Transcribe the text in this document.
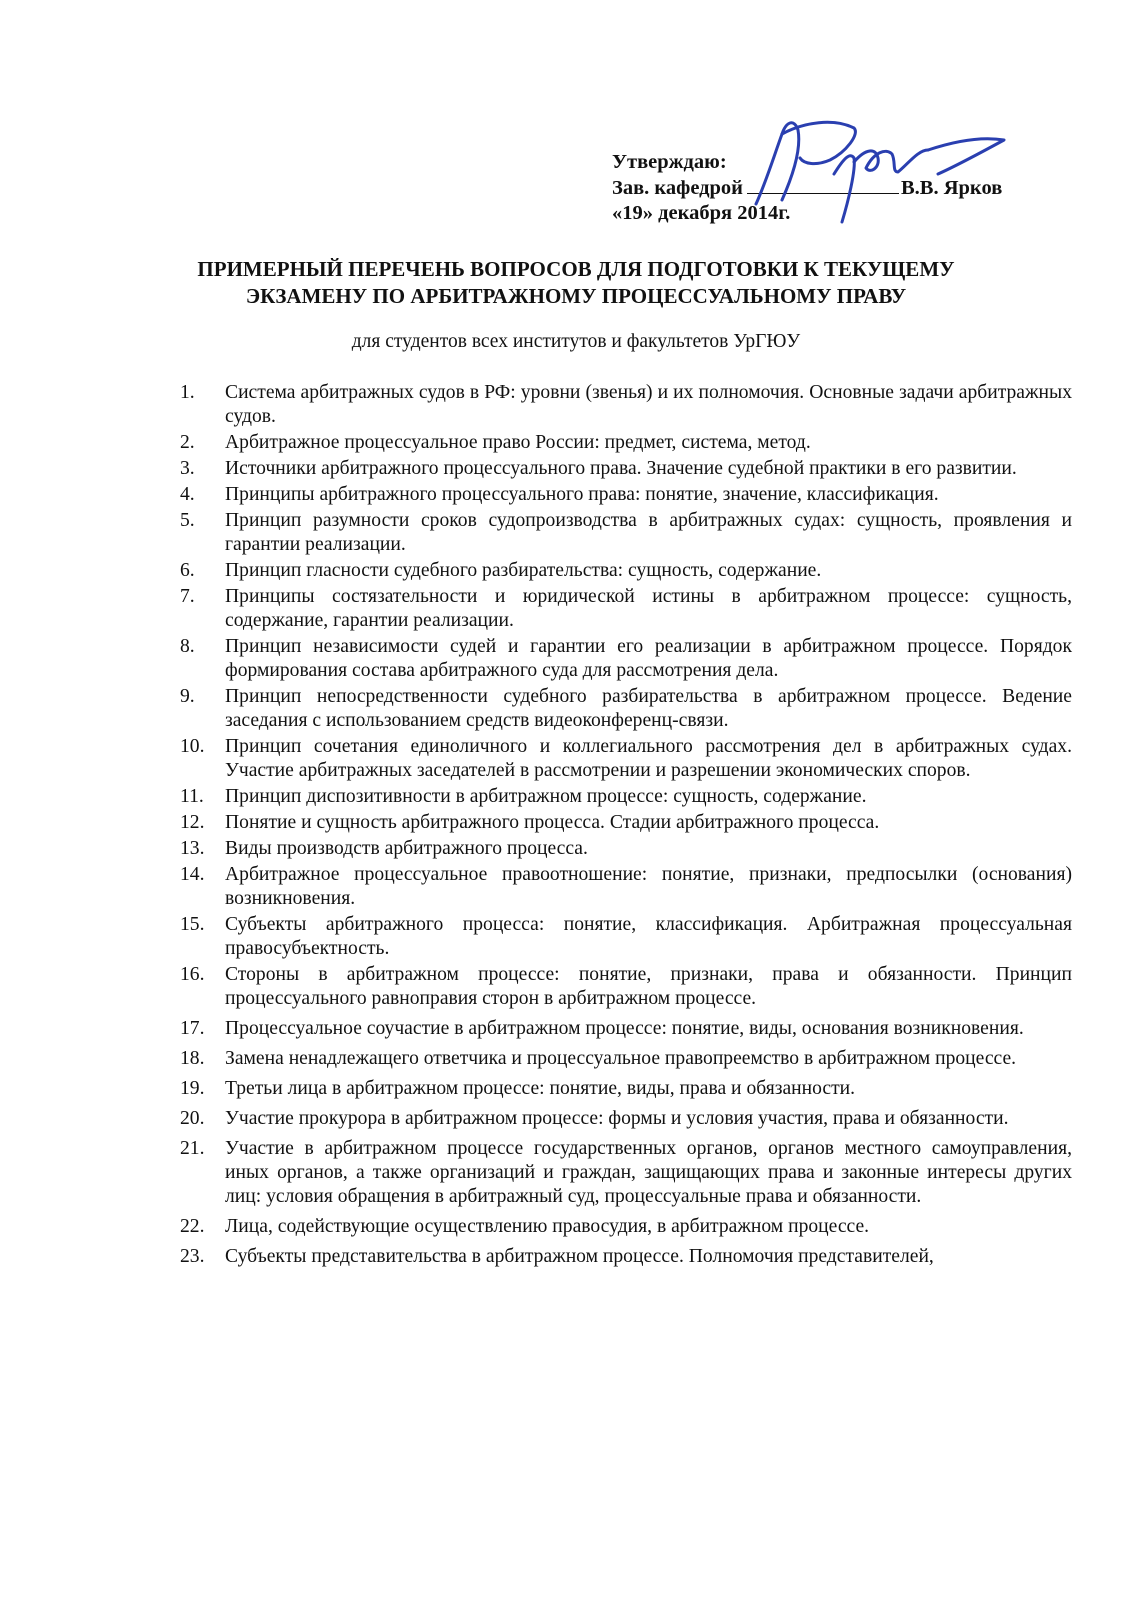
Утверждаю:
Зав. кафедрой	В.В. Ярков
«19» декабря 2014г.
ПРИМЕРНЫЙ ПЕРЕЧЕНЬ ВОПРОСОВ ДЛЯ ПОДГОТОВКИ К ТЕКУЩЕМУ
ЭКЗАМЕНУ ПО АРБИТРАЖНОМУ ПРОЦЕССУАЛЬНОМУ ПРАВУ
для студентов всех институтов и факультетов УрГЮУ
1.	Система арбитражных судов в РФ: уровни (звенья) и их полномочия. Основные задачи арбитражных судов.
2.	Арбитражное процессуальное право России: предмет, система, метод.
3.	Источники арбитражного процессуального права. Значение судебной практики в его развитии.
4.	Принципы арбитражного процессуального права: понятие, значение, классификация.
5.	Принцип разумности сроков судопроизводства в арбитражных судах: сущность, проявления и гарантии реализации.
6.	Принцип гласности судебного разбирательства: сущность, содержание.
7.	Принципы состязательности и юридической истины в арбитражном процессе: сущность, содержание, гарантии реализации.
8.	Принцип независимости судей и гарантии его реализации в арбитражном процессе. Порядок формирования состава арбитражного суда для рассмотрения дела.
9.	Принцип непосредственности судебного разбирательства в арбитражном процессе. Ведение заседания с использованием средств видеоконференц-связи.
10.	Принцип сочетания единоличного и коллегиального рассмотрения дел в арбитражных судах. Участие арбитражных заседателей в рассмотрении и разрешении экономических споров.
11.	Принцип диспозитивности в арбитражном процессе: сущность, содержание.
12.	Понятие и сущность арбитражного процесса. Стадии арбитражного процесса.
13.	Виды производств арбитражного процесса.
14.	Арбитражное процессуальное правоотношение: понятие, признаки, предпосылки (основания) возникновения.
15.	Субъекты арбитражного процесса: понятие, классификация. Арбитражная процессуальная правосубъектность.
16.	Стороны в арбитражном процессе: понятие, признаки, права и обязанности. Принцип процессуального равноправия сторон в арбитражном процессе.
17.	Процессуальное соучастие в арбитражном процессе: понятие, виды, основания возникновения.
18.	Замена ненадлежащего ответчика и процессуальное правопреемство в арбитражном процессе.
19.	Третьи лица в арбитражном процессе: понятие, виды, права и обязанности.
20.	Участие прокурора в арбитражном процессе: формы и условия участия, права и обязанности.
21.	Участие в арбитражном процессе государственных органов, органов местного самоуправления, иных органов, а также организаций и граждан, защищающих права и законные интересы других лиц: условия обращения в арбитражный суд, процессуальные права и обязанности.
22.	Лица, содействующие осуществлению правосудия, в арбитражном процессе.
23.	Субъекты представительства в арбитражном процессе. Полномочия представителей,
